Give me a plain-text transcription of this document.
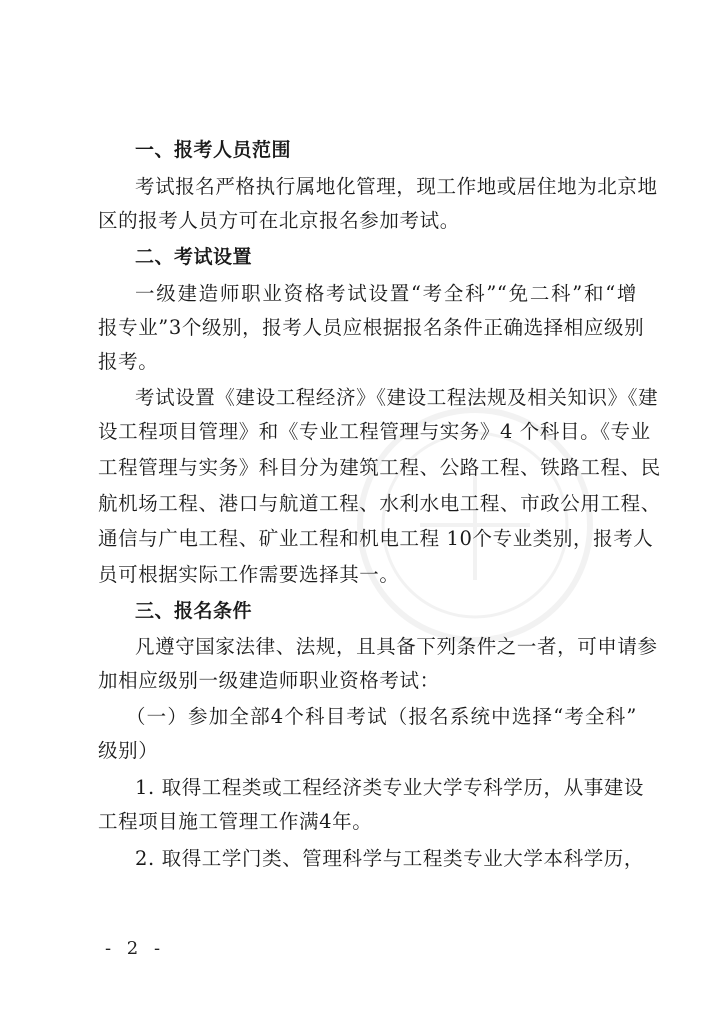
一、报考人员范围
考试报名严格执行属地化管理，现工作地或居住地为北京地
区的报考人员方可在北京报名参加考试。
二、考试设置
一级建造师职业资格考试设置“考全科”“免二科”和“增
报专业”3个级别，报考人员应根据报名条件正确选择相应级别
报考。
考试设置《建设工程经济》《建设工程法规及相关知识》《建
设工程项目管理》和《专业工程管理与实务》4 个科目。《专业
工程管理与实务》科目分为建筑工程、公路工程、铁路工程、民
航机场工程、港口与航道工程、水利水电工程、市政公用工程、
通信与广电工程、矿业工程和机电工程 10个专业类别，报考人
员可根据实际工作需要选择其一。
三、报名条件
凡遵守国家法律、法规，且具备下列条件之一者，可申请参
加相应级别一级建造师职业资格考试：
（一）参加全部4个科目考试（报名系统中选择“考全科”
级别）
1. 取得工程类或工程经济类专业大学专科学历，从事建设
工程项目施工管理工作满4年。
2. 取得工学门类、管理科学与工程类专业大学本科学历，
- 2 -
